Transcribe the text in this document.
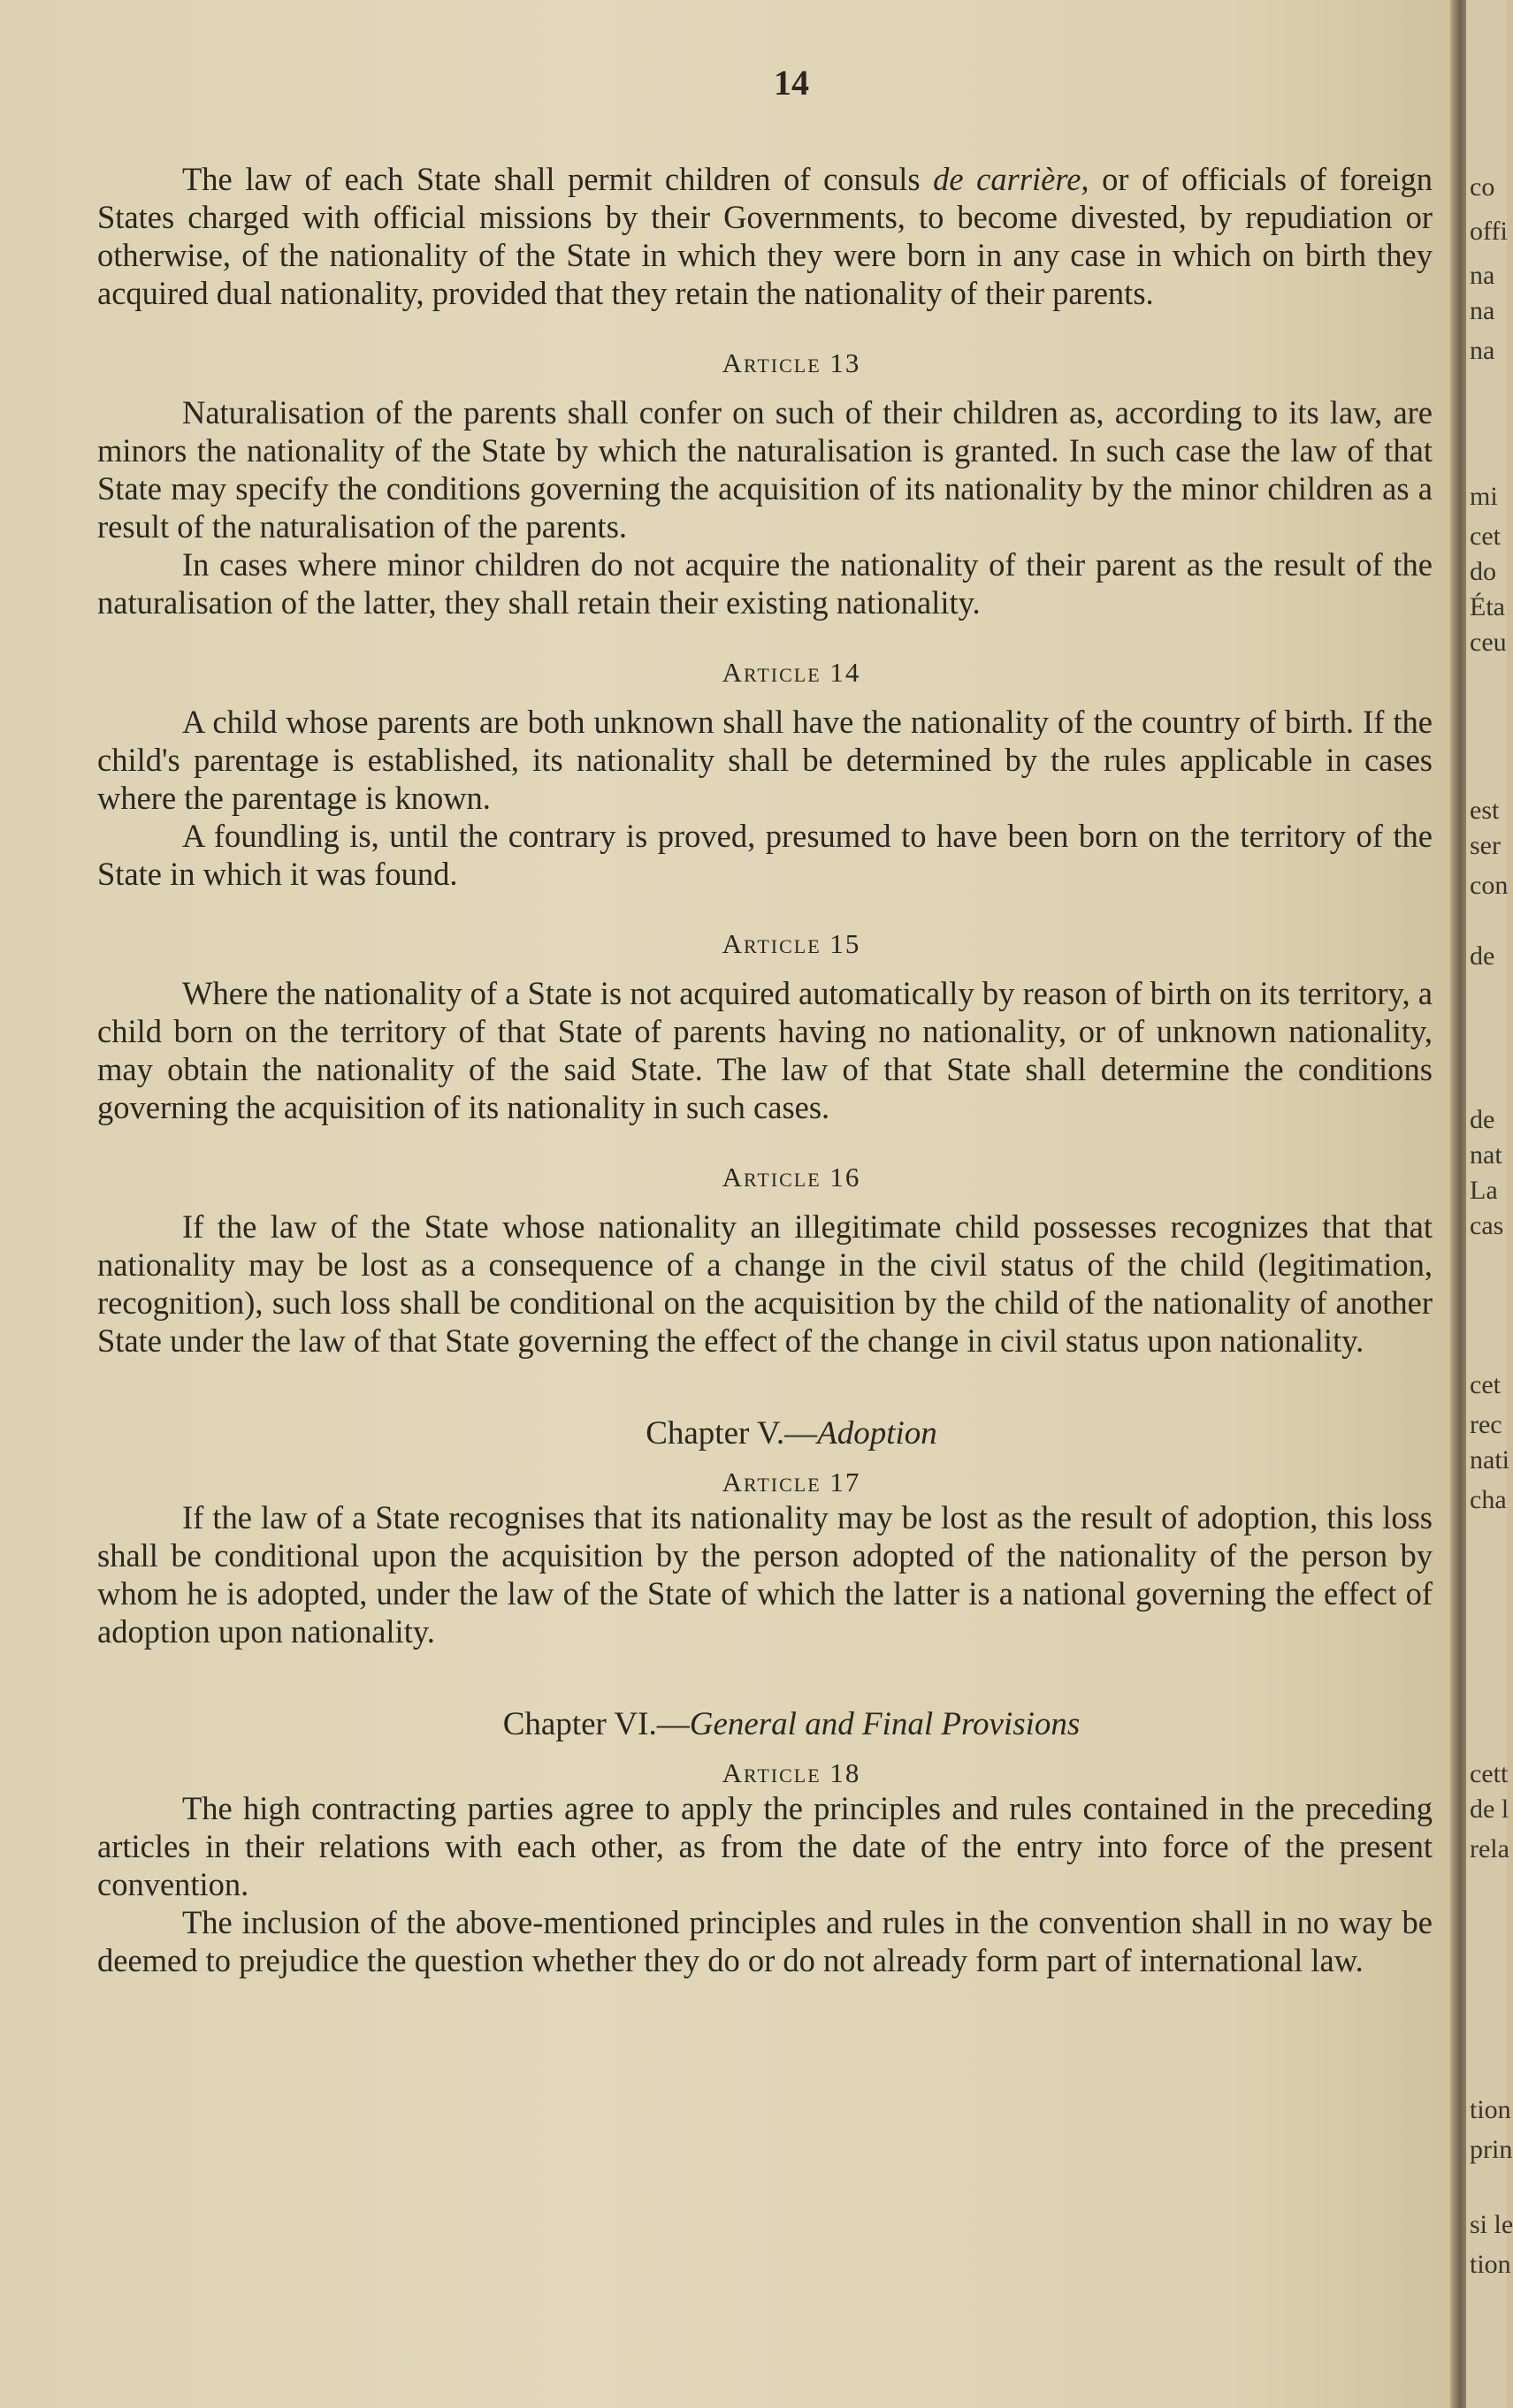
14

The law of each State shall permit children of consuls de carrière, or of officials of foreign States charged with official missions by their Governments, to become divested, by repudiation or otherwise, of the nationality of the State in which they were born in any case in which on birth they acquired dual nationality, provided that they retain the nationality of their parents.

Article 13

Naturalisation of the parents shall confer on such of their children as, according to its law, are minors the nationality of the State by which the naturalisation is granted. In such case the law of that State may specify the conditions governing the acquisition of its nationality by the minor children as a result of the naturalisation of the parents.

In cases where minor children do not acquire the nationality of their parent as the result of the naturalisation of the latter, they shall retain their existing nationality.

Article 14

A child whose parents are both unknown shall have the nationality of the country of birth. If the child's parentage is established, its nationality shall be determined by the rules applicable in cases where the parentage is known.

A foundling is, until the contrary is proved, presumed to have been born on the territory of the State in which it was found.

Article 15

Where the nationality of a State is not acquired automatically by reason of birth on its territory, a child born on the territory of that State of parents having no nationality, or of unknown nationality, may obtain the nationality of the said State. The law of that State shall determine the conditions governing the acquisition of its nationality in such cases.

Article 16

If the law of the State whose nationality an illegitimate child possesses recognizes that that nationality may be lost as a consequence of a change in the civil status of the child (legitimation, recognition), such loss shall be conditional on the acquisition by the child of the nationality of another State under the law of that State governing the effect of the change in civil status upon nationality.

Chapter V.—Adoption
Article 17

If the law of a State recognises that its nationality may be lost as the result of adoption, this loss shall be conditional upon the acquisition by the person adopted of the nationality of the person by whom he is adopted, under the law of the State of which the latter is a national governing the effect of adoption upon nationality.

Chapter VI.—General and Final Provisions
Article 18

The high contracting parties agree to apply the principles and rules contained in the preceding articles in their relations with each other, as from the date of the entry into force of the present convention.

The inclusion of the above-mentioned principles and rules in the convention shall in no way be deemed to prejudice the question whether they do or do not already form part of international law.

co
offi
na
na
na
mi
cet
do
Éta
ceu
est
ser
con
de
de
nat
La
cas
cet
rec
nati
cha
cett
de l
rela
tion
prin
si le
tion
